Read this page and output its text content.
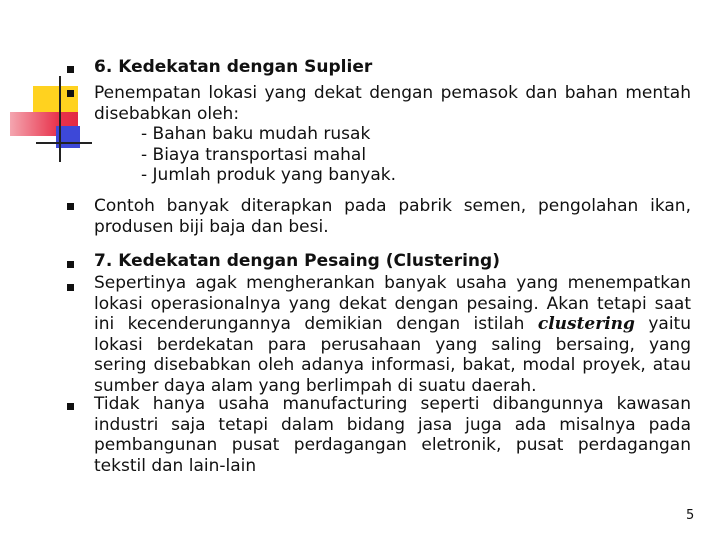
6. Kedekatan dengan Suplier
Penempatan lokasi yang dekat dengan pemasok dan bahan mentah
disebabkan oleh:
- Bahan baku mudah rusak
- Biaya transportasi mahal
- Jumlah produk yang banyak.
Contoh banyak diterapkan pada pabrik semen, pengolahan ikan,
produsen biji baja dan besi.
7. Kedekatan dengan Pesaing (Clustering)
Sepertinya agak mengherankan banyak usaha yang menempatkan
lokasi operasionalnya yang dekat dengan pesaing. Akan tetapi saat
ini kecenderungannya demikian dengan istilah clustering yaitu
lokasi berdekatan para perusahaan yang saling bersaing, yang
sering disebabkan oleh adanya informasi, bakat, modal proyek, atau
sumber daya alam yang berlimpah di suatu daerah.
Tidak hanya usaha manufacturing seperti dibangunnya kawasan
industri saja tetapi dalam bidang jasa juga ada misalnya pada
pembangunan pusat perdagangan eletronik, pusat perdagangan
tekstil dan lain-lain
5
